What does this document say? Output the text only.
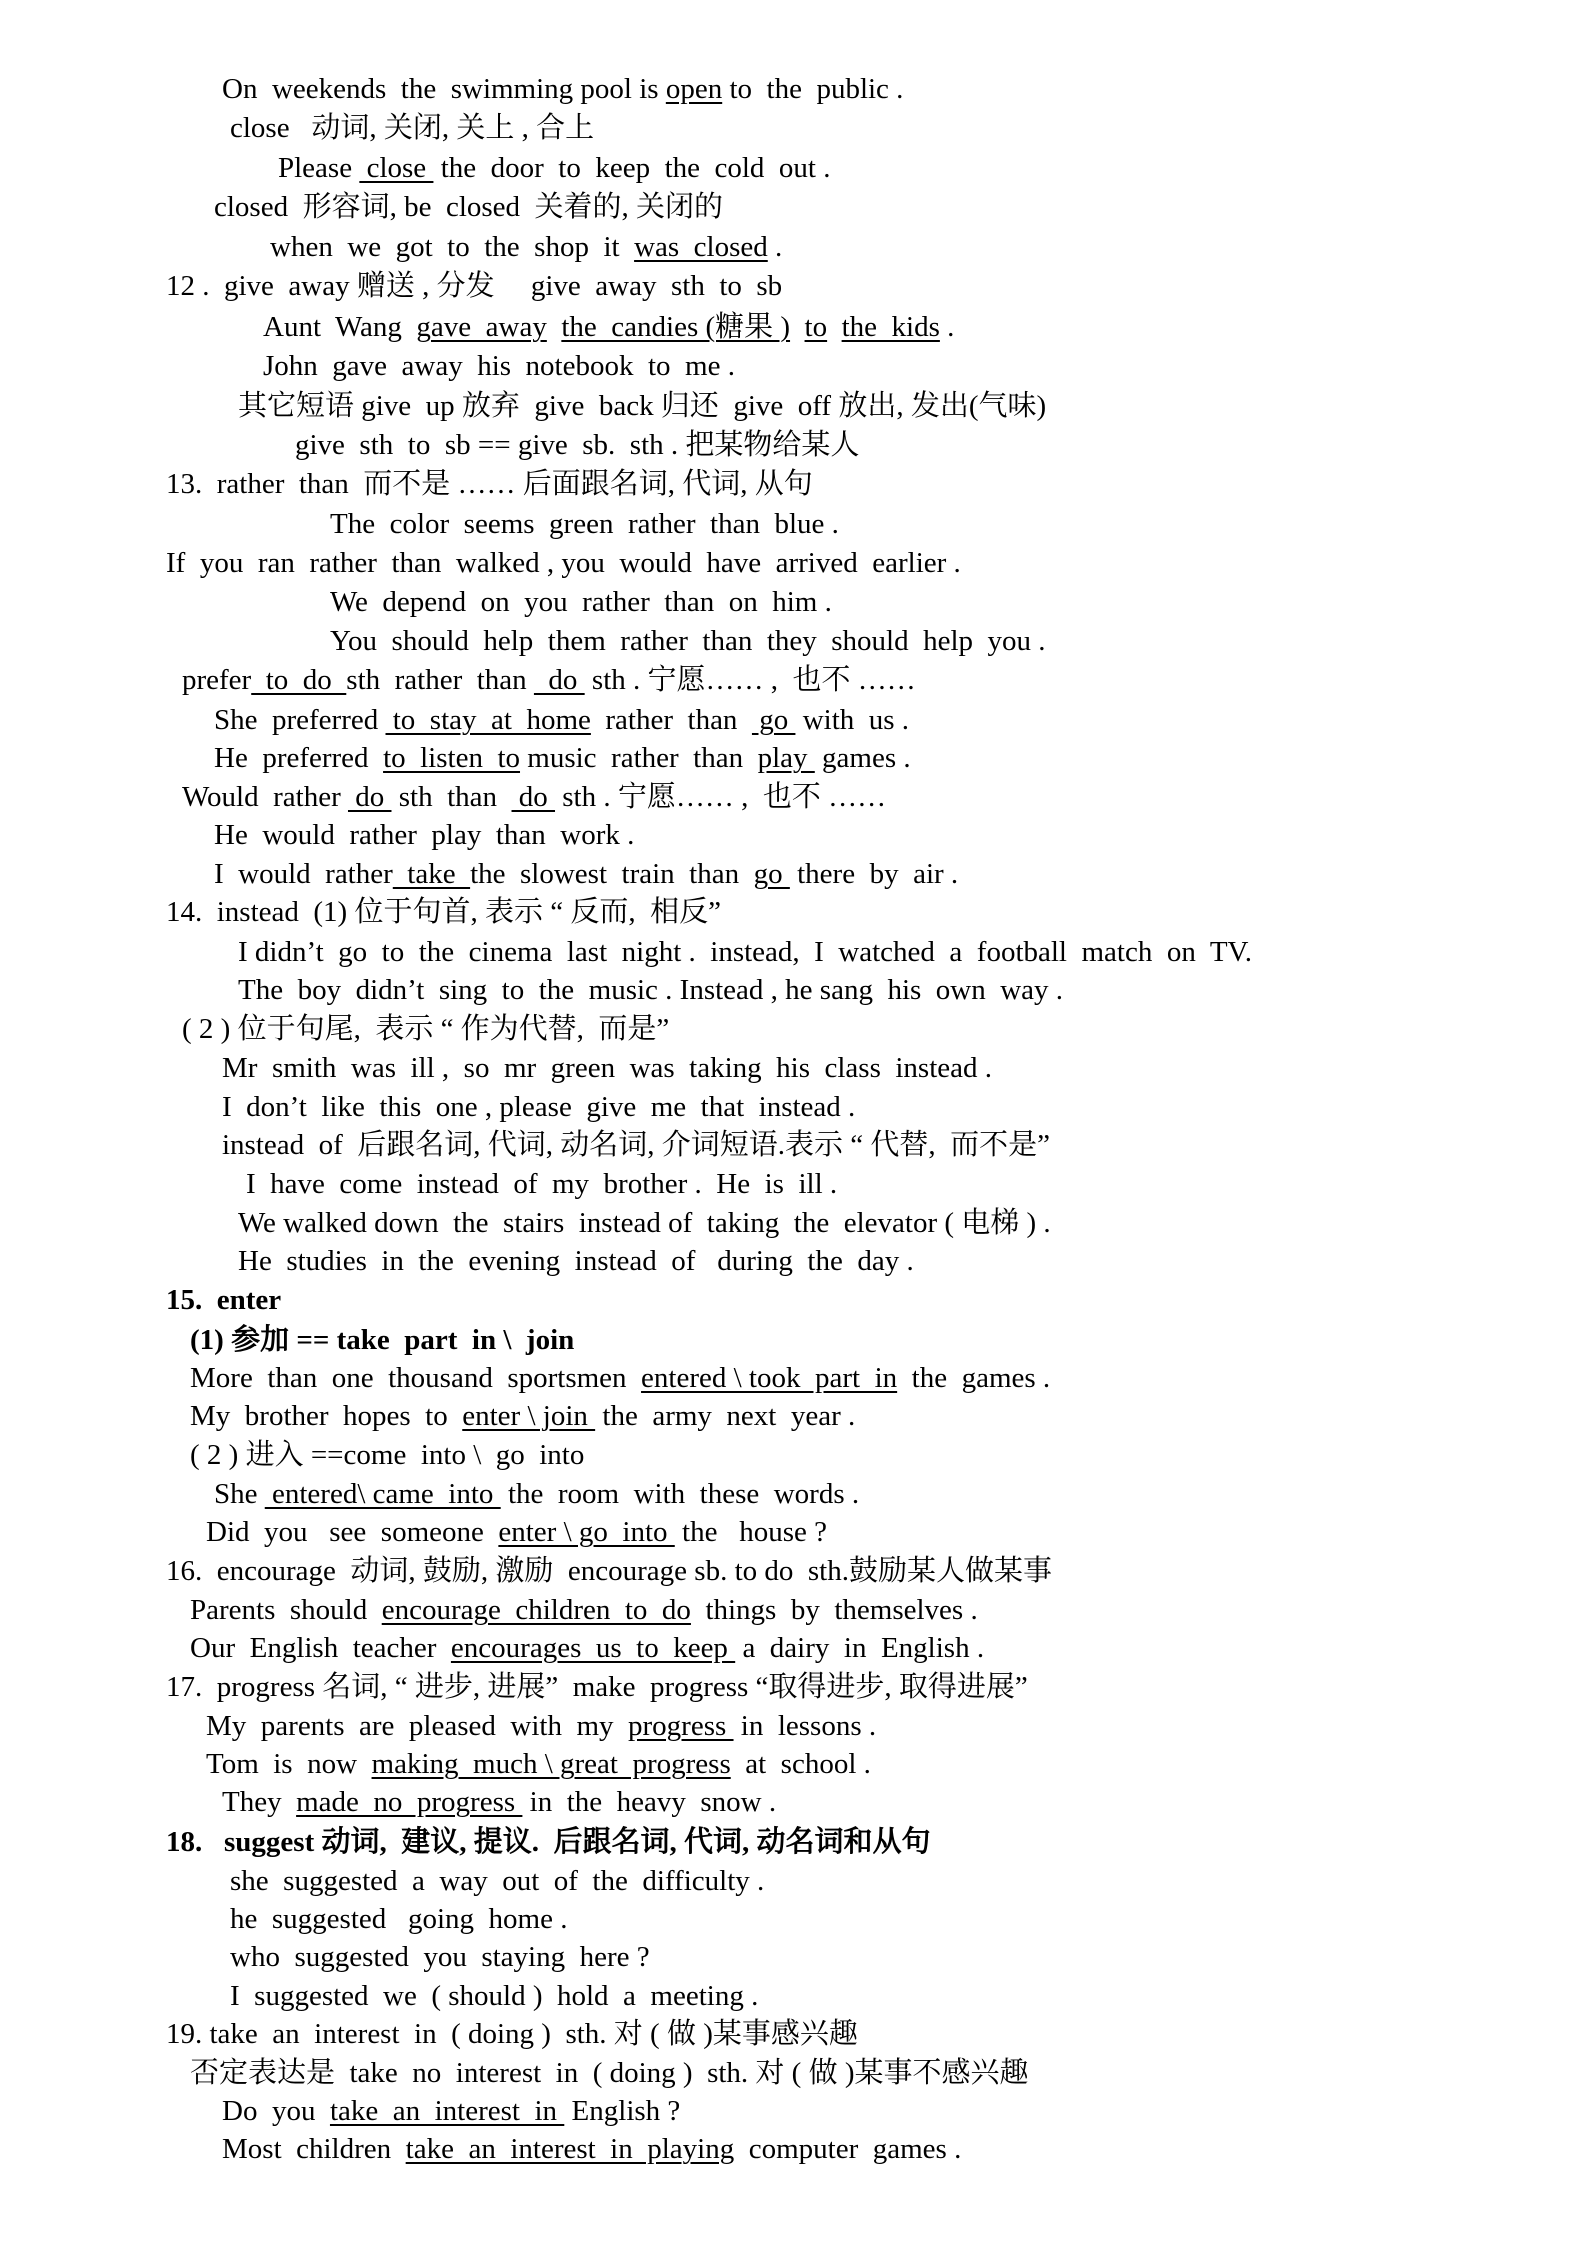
On  weekends  the  swimming pool is open to  the  public .
close   动词, 关闭, 关上 , 合上
Please  close  the  door  to  keep  the  cold  out .
closed  形容词, be  closed  关着的, 关闭的
when  we  got  to  the  shop  it  was  closed .
12 .  give  away 赠送 , 分发     give  away  sth  to  sb
Aunt  Wang  gave  away the  candies (糖果 ) to the  kids .
John  gave  away  his  notebook  to  me .
其它短语 give  up 放弃  give  back 归还  give  off 放出, 发出(气味)
give  sth  to  sb == give  sb.  sth . 把某物给某人
13.  rather  than  而不是 …… 后面跟名词, 代词, 从句
The  color  seems  green  rather  than  blue .
If  you  ran  rather  than  walked , you  would  have  arrived  earlier .
We  depend  on  you  rather  than  on  him .
You  should  help  them  rather  than  they  should  help  you .
prefer  to  do  sth  rather  than   do  sth . 宁愿…… ,  也不 ……
She  preferred  to  stay  at  home  rather  than   go  with  us .
He  preferred  to  listen  to music  rather  than  play  games .
Would  rather  do  sth  than   do  sth . 宁愿…… ,  也不 ……
He  would  rather  play  than  work .
I  would  rather  take  the  slowest  train  than  go  there  by  air .
14.  instead  (1) 位于句首, 表示 “ 反而,  相反”
I didn’t  go  to  the  cinema  last  night .  instead,  I  watched  a  football  match  on  TV.
The  boy  didn’t  sing  to  the  music . Instead , he sang  his  own  way .
( 2 ) 位于句尾,  表示 “ 作为代替,  而是”
Mr  smith  was  ill ,  so  mr  green  was  taking  his  class  instead .
I  don’t  like  this  one , please  give  me  that  instead .
instead  of  后跟名词, 代词, 动名词, 介词短语.表示 “ 代替,  而不是”
I  have  come  instead  of  my  brother .  He  is  ill .
We walked down  the  stairs  instead of  taking  the  elevator ( 电梯 ) .
He  studies  in  the  evening  instead  of   during  the  day .
15.  enter
(1) 参加 == take  part  in \  join
More  than  one  thousand  sportsmen  entered \ took  part  in  the  games .
My  brother  hopes  to  enter \ join  the  army  next  year .
( 2 ) 进入 ==come  into \  go  into
She  entered\ came  into  the  room  with  these  words .
Did  you   see  someone  enter \ go  into  the   house ?
16.  encourage  动词, 鼓励, 激励  encourage sb. to do  sth.鼓励某人做某事
Parents  should  encourage  children  to  do  things  by  themselves .
Our  English  teacher  encourages  us  to  keep  a  dairy  in  English .
17.  progress 名词, “ 进步, 进展”  make  progress “取得进步, 取得进展”
My  parents  are  pleased  with  my  progress  in  lessons .
Tom  is  now  making  much \ great  progress  at  school .
They  made  no  progress  in  the  heavy  snow .
18.   suggest 动词,  建议, 提议.  后跟名词, 代词, 动名词和从句
she  suggested  a  way  out  of  the  difficulty .
he  suggested   going  home .
who  suggested  you  staying  here ?
I  suggested  we  ( should )  hold  a  meeting .
19. take  an  interest  in  ( doing )  sth. 对 ( 做 )某事感兴趣
否定表达是  take  no  interest  in  ( doing )  sth. 对 ( 做 )某事不感兴趣
Do  you  take  an  interest  in  English ?
Most  children  take  an  interest  in  playing  computer  games .
